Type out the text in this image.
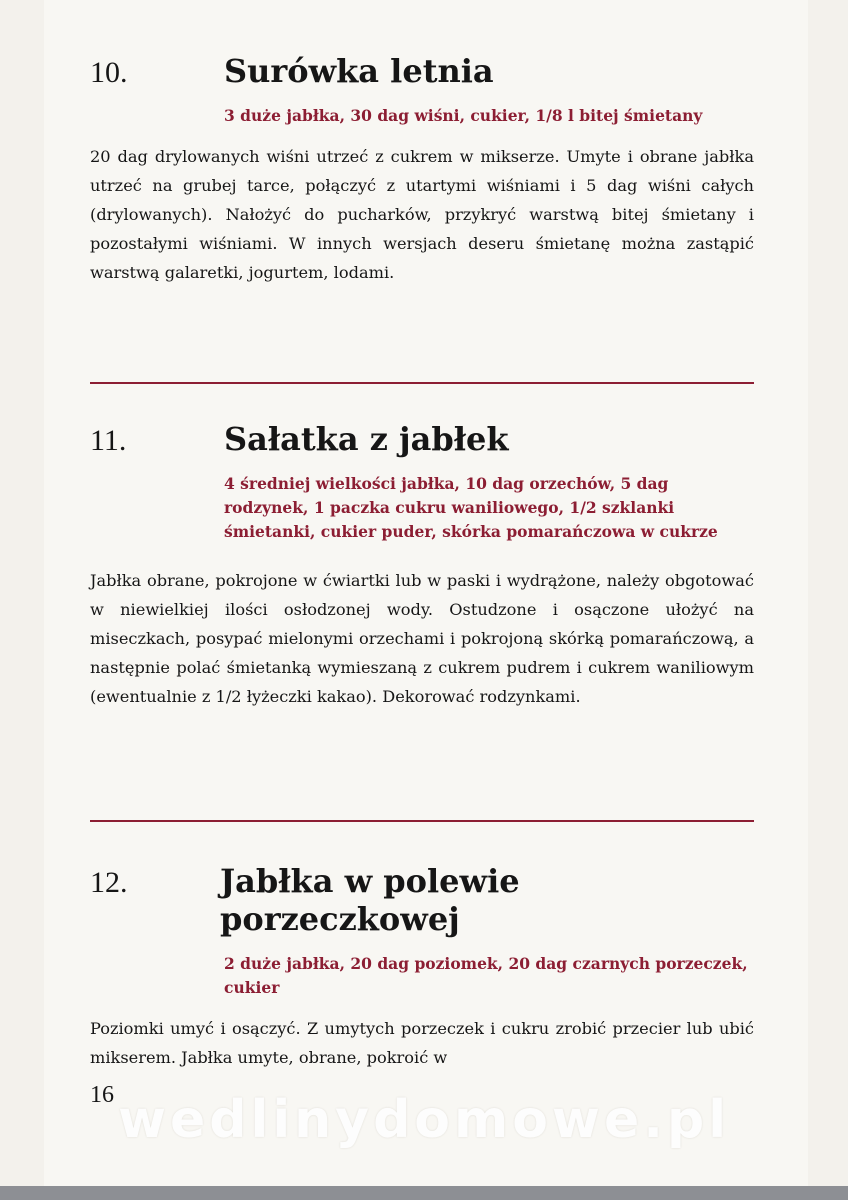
10.	Surówka letnia
3 duże jabłka, 30 dag wiśni, cukier, 1/8 l bitej śmietany

20 dag drylowanych wiśni utrzeć z cukrem w mikserze. Umyte i obrane jabłka utrzeć na grubej tarce, połączyć z utartymi wiśniami i 5 dag wiśni całych (drylowanych). Nałożyć do pucharków, przykryć warstwą bitej śmietany i pozostałymi wiśniami. W innych wersjach deseru śmietanę można zastąpić warstwą galaretki, jogurtem, lodami.

11.	Sałatka z jabłek
4 średniej wielkości jabłka, 10 dag orzechów, 5 dag rodzynek, 1 paczka cukru waniliowego, 1/2 szklanki śmietanki, cukier puder, skórka pomarańczowa w cukrze

Jabłka obrane, pokrojone w ćwiartki lub w paski i wydrążone, należy obgotować w niewielkiej ilości osłodzonej wody. Ostudzone i osączone ułożyć na miseczkach, posypać mielonymi orzechami i pokrojoną skórką pomarańczową, a następnie polać śmietanką wymieszaną z cukrem pudrem i cukrem waniliowym (ewentualnie z 1/2 łyżeczki kakao). Dekorować rodzynkami.

12.	Jabłka w polewie porzeczkowej
2 duże jabłka, 20 dag poziomek, 20 dag czarnych porzeczek, cukier

Poziomki umyć i osączyć. Z umytych porzeczek i cukru zrobić przecier lub ubić mikserem. Jabłka umyte, obrane, pokroić w

16 wedlinydomowe.pl
